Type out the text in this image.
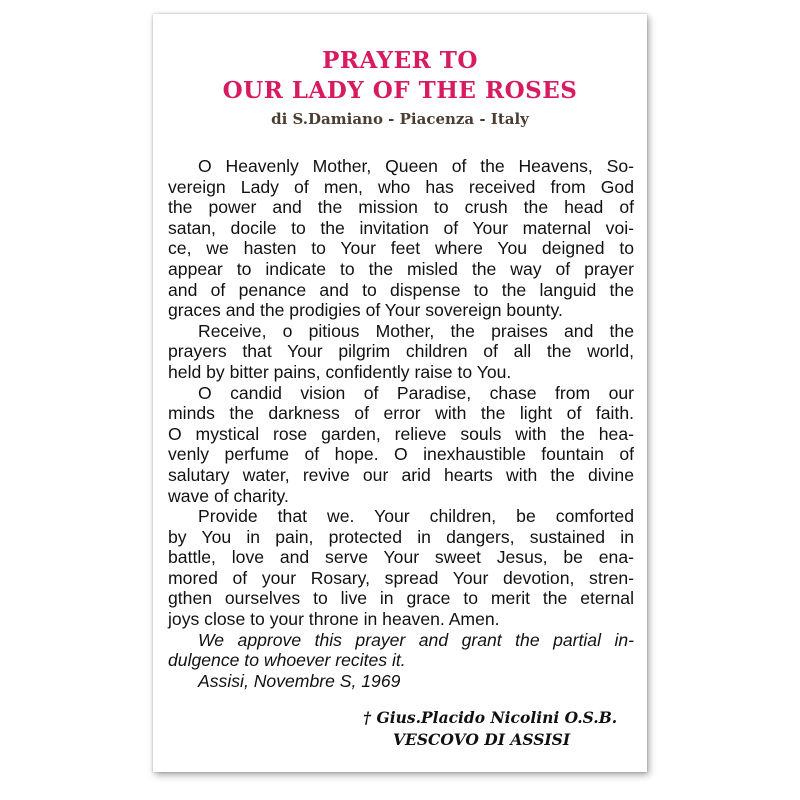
PRAYER TO
OUR LADY OF THE ROSES
di S.Damiano - Piacenza - Italy
O Heavenly Mother, Queen of the Heavens, So-
vereign Lady of men, who has received from God
the power and the mission to crush the head of
satan, docile to the invitation of Your maternal voi-
ce, we hasten to Your feet where You deigned to
appear to indicate to the misled the way of prayer
and of penance and to dispense to the languid the
graces and the prodigies of Your sovereign bounty.
Receive, o pitious Mother, the praises and the
prayers that Your pilgrim children of all the world,
held by bitter pains, confidently raise to You.
O candid vision of Paradise, chase from our
minds the darkness of error with the light of faith.
O mystical rose garden, relieve souls with the hea-
venly perfume of hope. O inexhaustible fountain of
salutary water, revive our arid hearts with the divine
wave of charity.
Provide that we. Your children, be comforted
by You in pain, protected in dangers, sustained in
battle, love and serve Your sweet Jesus, be ena-
mored of your Rosary, spread Your devotion, stren-
gthen ourselves to live in grace to merit the eternal
joys close to your throne in heaven. Amen.
We approve this prayer and grant the partial in-
dulgence to whoever recites it.
Assisi, Novembre S, 1969
† Gius.Placido Nicolini O.S.B.
VESCOVO DI ASSISI
